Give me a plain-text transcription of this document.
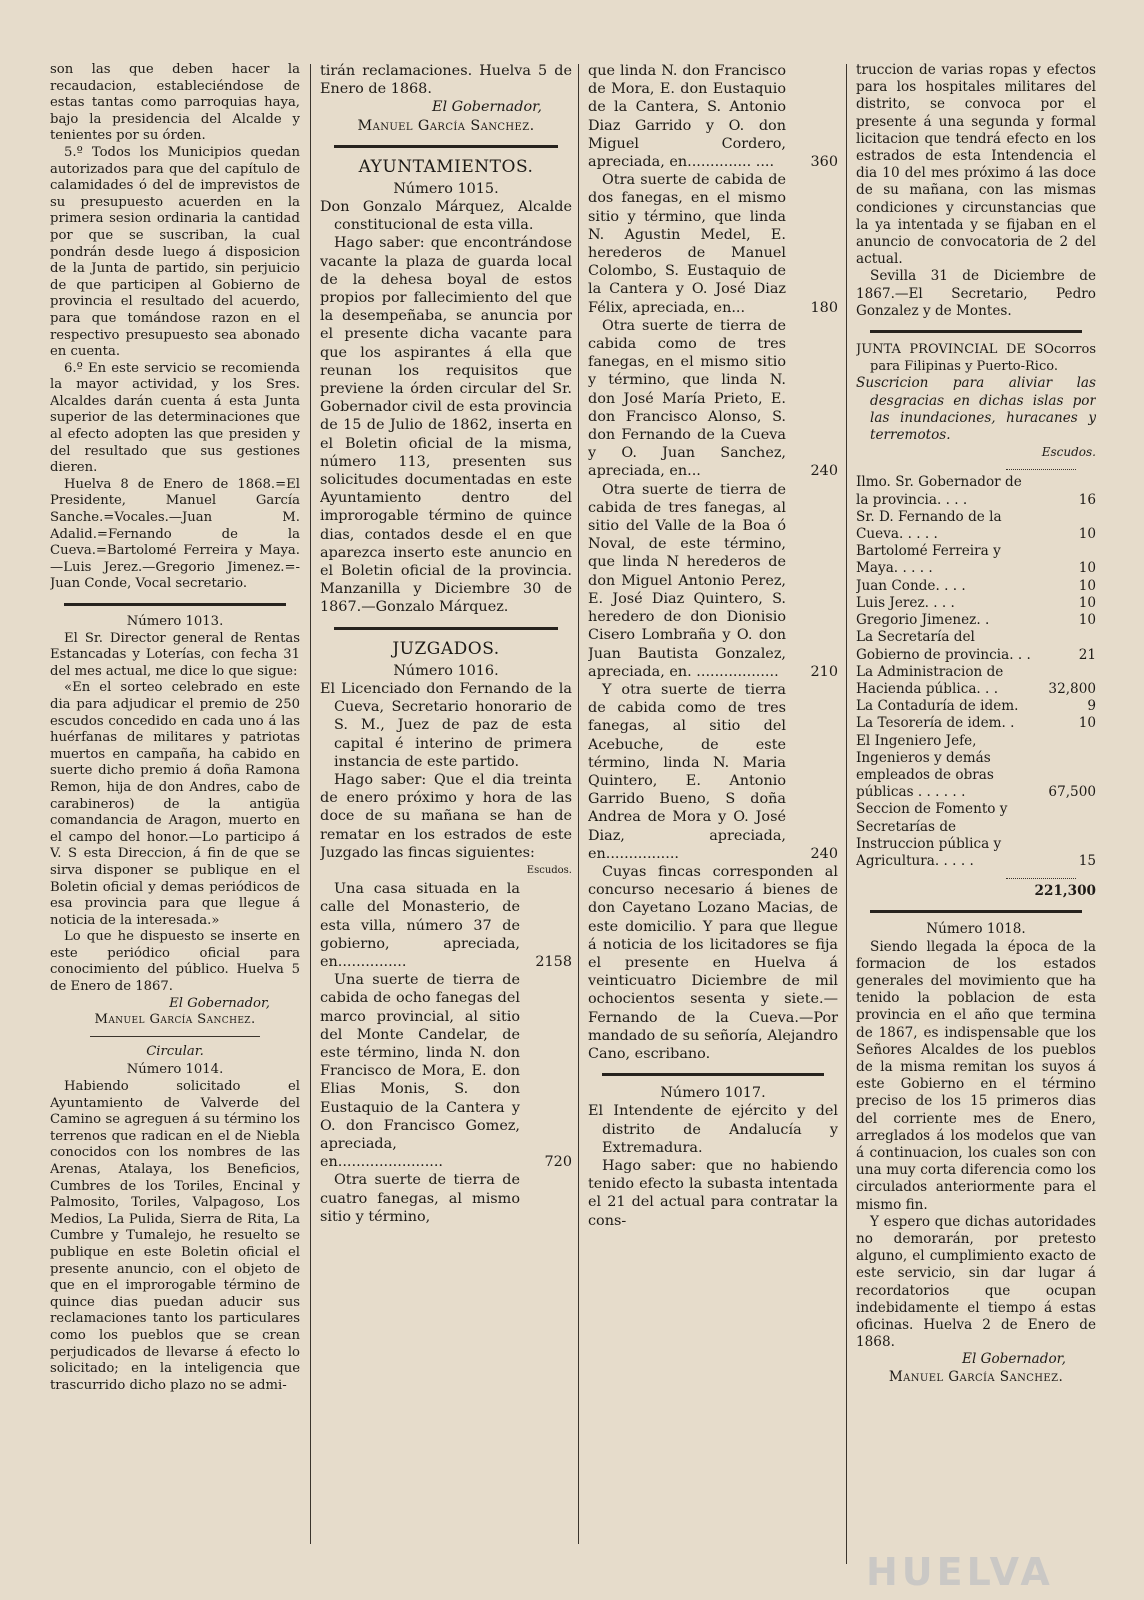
son las que deben hacer la recaudacion, estableciéndose de estas tantas como parroquias haya, bajo la presidencia del Alcalde y tenientes por su órden.

5.º Todos los Municipios quedan autorizados para que del capítulo de calamidades ó del de imprevistos de su presupuesto acuerden en la primera sesion ordinaria la cantidad por que se suscriban, la cual pondrán desde luego á disposicion de la Junta de partido, sin perjuicio de que participen al Gobierno de provincia el resultado del acuerdo, para que tomándose razon en el respectivo presupuesto sea abonado en cuenta.

6.º En este servicio se recomienda la mayor actividad, y los Sres. Alcaldes darán cuenta á esta Junta superior de las determinaciones que al efecto adopten las que presiden y del resultado que sus gestiones dieren.

Huelva 8 de Enero de 1868.=El Presidente, Manuel García Sanche.=Vocales.—Juan M. Adalid.=Fernando de la Cueva.=Bartolomé Ferreira y Maya.—Luis Jerez.—Gregorio Jimenez.=-Juan Conde, Vocal secretario.

Número 1013.

El Sr. Director general de Rentas Estancadas y Loterías, con fecha 31 del mes actual, me dice lo que sigue:

«En el sorteo celebrado en este dia para adjudicar el premio de 250 escudos concedido en cada uno á las huérfanas de militares y patriotas muertos en campaña, ha cabido en suerte dicho premio á doña Ramona Remon, hija de don Andres, cabo de carabineros) de la antigüa comandancia de Aragon, muerto en el campo del honor.—Lo participo á V. S esta Direccion, á fin de que se sirva disponer se publique en el Boletin oficial y demas periódicos de esa provincia para que llegue á noticia de la interesada.»

Lo que he dispuesto se inserte en este periódico oficial para conocimiento del público. Huelva 5 de Enero de 1867.

El Gobernador,

Manuel García Sanchez.

Circular.

Número 1014.

Habiendo solicitado el Ayuntamiento de Valverde del Camino se agreguen á su término los terrenos que radican en el de Niebla conocidos con los nombres de las Arenas, Atalaya, los Beneficios, Cumbres de los Toriles, Encinal y Palmosito, Toriles, Valpagoso, Los Medios, La Pulida, Sierra de Rita, La Cumbre y Tumalejo, he resuelto se publique en este Boletin oficial el presente anuncio, con el objeto de que en el improrogable término de quince dias puedan aducir sus reclamaciones tanto los particulares como los pueblos que se crean perjudicados de llevarse á efecto lo solicitado; en la inteligencia que trascurrido dicho plazo no se admi-

tirán reclamaciones. Huelva 5 de Enero de 1868.

El Gobernador,

Manuel García Sanchez.

AYUNTAMIENTOS.

Número 1015.

Don Gonzalo Márquez, Alcalde constitucional de esta villa.

Hago saber: que encontrándose vacante la plaza de guarda local de la dehesa boyal de estos propios por fallecimiento del que la desempeñaba, se anuncia por el presente dicha vacante para que los aspirantes á ella que reunan los requisitos que previene la órden circular del Sr. Gobernador civil de esta provincia de 15 de Julio de 1862, inserta en el Boletin oficial de la misma, número 113, presenten sus solicitudes documentadas en este Ayuntamiento dentro del improrogable término de quince dias, contados desde el en que aparezca inserto este anuncio en el Boletin oficial de la provincia. Manzanilla y Diciembre 30 de 1867.—Gonzalo Márquez.

JUZGADOS.

Número 1016.

El Licenciado don Fernando de la Cueva, Secretario honorario de S. M., Juez de paz de esta capital é interino de primera instancia de este partido.

Hago saber: Que el dia treinta de enero próximo y hora de las doce de su mañana se han de rematar en los estrados de este Juzgado las fincas siguientes:

Escudos.

Una casa situada en la calle del Monasterio, de esta villa, número 37 de gobierno, apreciada, en...............	2158
Una suerte de tierra de cabida de ocho fanegas del marco provincial, al sitio del Monte Candelar, de este término, linda N. don Francisco de Mora, E. don Elias Monis, S. don Eustaquio de la Cantera y O. don Francisco Gomez, apreciada, en.......................	720
Otra suerte de tierra de cuatro fanegas, al mismo sitio y término,
que linda N. don Francisco de Mora, E. don Eustaquio de la Cantera, S. Antonio Diaz Garrido y O. don Miguel Cordero, apreciada, en.............. ....	360
Otra suerte de cabida de dos fanegas, en el mismo sitio y término, que linda N. Agustin Medel, E. herederos de Manuel Colombo, S. Eustaquio de la Cantera y O. José Diaz Félix, apreciada, en...	180
Otra suerte de tierra de cabida como de tres fanegas, en el mismo sitio y término, que linda N. don José María Prieto, E. don Francisco Alonso, S. don Fernando de la Cueva y O. Juan Sanchez, apreciada, en...	240
Otra suerte de tierra de cabida de tres fanegas, al sitio del Valle de la Boa ó Noval, de este término, que linda N herederos de don Miguel Antonio Perez, E. José Diaz Quintero, S. heredero de don Dionisio Cisero Lombraña y O. don Juan Bautista Gonzalez, apreciada, en. ..................	210
Y otra suerte de tierra de cabida como de tres fanegas, al sitio del Acebuche, de este término, linda N. Maria Quintero, E. Antonio Garrido Bueno, S doña Andrea de Mora y O. José Diaz, apreciada, en................	240

Cuyas fincas corresponden al concurso necesario á bienes de don Cayetano Lozano Macias, de este domicilio. Y para que llegue á noticia de los licitadores se fija el presente en Huelva á veinticuatro Diciembre de mil ochocientos sesenta y siete.—Fernando de la Cueva.—Por mandado de su señoría, Alejandro Cano, escribano.

Número 1017.

El Intendente de ejército y del distrito de Andalucía y Extremadura.

Hago saber: que no habiendo tenido efecto la subasta intentada el 21 del actual para contratar la cons-

truccion de varias ropas y efectos para los hospitales militares del distrito, se convoca por el presente á una segunda y formal licitacion que tendrá efecto en los estrados de esta Intendencia el dia 10 del mes próximo á las doce de su mañana, con las mismas condiciones y circunstancias que la ya intentada y se fijaban en el anuncio de convocatoria de 2 del actual.

Sevilla 31 de Diciembre de 1867.—El Secretario, Pedro Gonzalez y de Montes.

JUNTA PROVINCIAL DE SOcorros para Filipinas y Puerto-Rico.

Suscricion para aliviar las desgracias en dichas islas por las inundaciones, huracanes y terremotos.

Escudos.

Ilmo. Sr. Gobernador de la provincia. . . .	16
Sr. D. Fernando de la Cueva. . . . .	10
Bartolomé Ferreira y Maya. . . . .	10
Juan Conde. . . .	10
Luis Jerez. . . .	10
Gregorio Jimenez. .	10
La Secretaría del Gobierno de provincia. . .	21
La Administracion de Hacienda pública. . .	32,800
La Contaduría de idem.	9
La Tesorería de idem. .	10
El Ingeniero Jefe, Ingenieros y demás empleados de obras públicas . . . . . .	67,500
Seccion de Fomento y Secretarías de Instruccion pública y Agricultura. . . . .	15

221,300

Número 1018.

Siendo llegada la época de la formacion de los estados generales del movimiento que ha tenido la poblacion de esta provincia en el año que termina de 1867, es indispensable que los Señores Alcaldes de los pueblos de la misma remitan los suyos á este Gobierno en el término preciso de los 15 primeros dias del corriente mes de Enero, arreglados á los modelos que van á continuacion, los cuales son con una muy corta diferencia como los circulados anteriormente para el mismo fin.

Y espero que dichas autoridades no demorarán, por pretesto alguno, el cumplimiento exacto de este servicio, sin dar lugar á recordatorios que ocupan indebidamente el tiempo á estas oficinas. Huelva 2 de Enero de 1868.

El Gobernador,

Manuel García Sanchez.

HUELVA
